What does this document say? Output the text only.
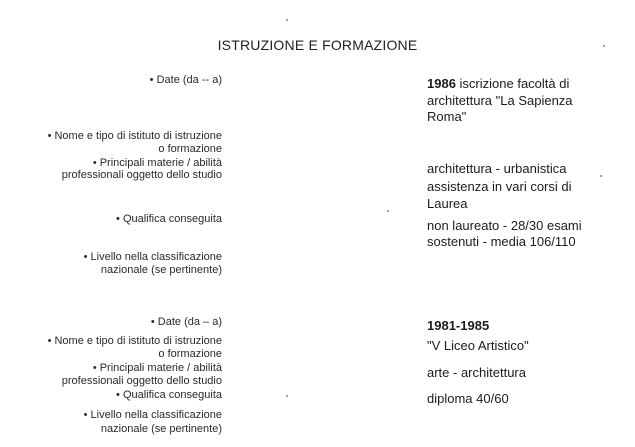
ISTRUZIONE E FORMAZIONE
• Date (da -- a)
• Nome e tipo di istituto di istruzione
o formazione
• Principali materie / abilità
professionali oggetto dello studio
• Qualifica conseguita
• Livello nella classificazione
nazionale (se pertinente)
1986 iscrizione facoltà di
architettura "La Sapienza
Roma"
architettura - urbanistica
assistenza in vari corsi di
Laurea
non laureato - 28/30 esami
sostenuti - media 106/110
• Date (da – a)
• Nome e tipo di istituto di istruzione
o formazione
• Principali materie / abilità
professionali oggetto dello studio
• Qualifica conseguita
• Livello nella classificazione
nazionale (se pertinente)
1981-1985
"V Liceo Artistico"
arte - architettura
diploma 40/60
